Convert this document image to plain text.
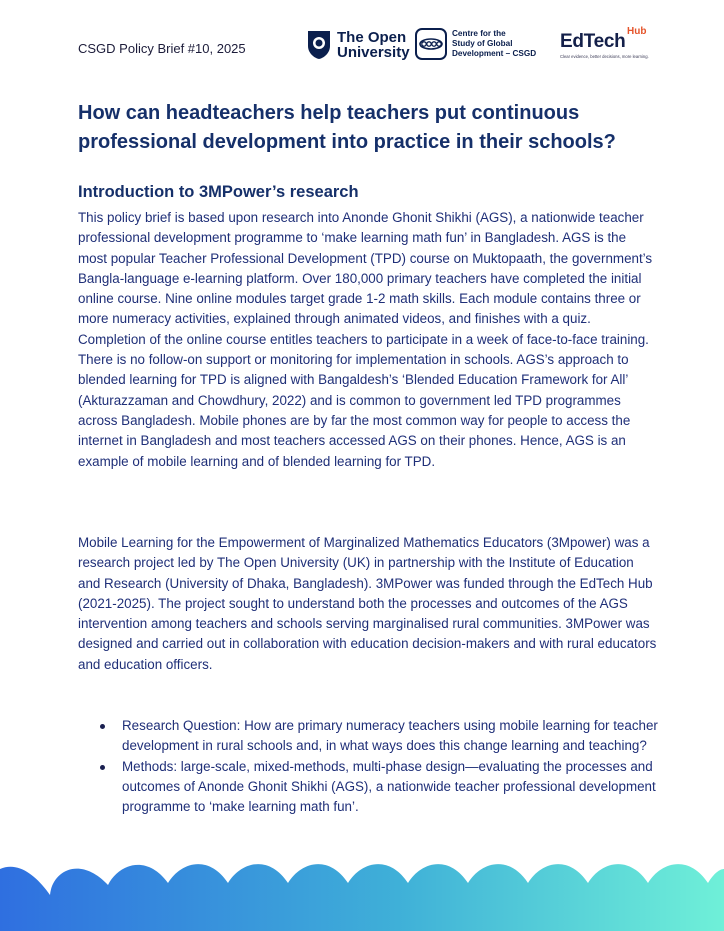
CSGD Policy Brief #10, 2025
The Open
University
Centre for the
Study of Global
Development – CSGD
EdTech Hub
Clear evidence, better decisions, more learning.
How can headteachers help teachers put continuous
professional development into practice in their schools?
Introduction to 3MPower’s research

This policy brief is based upon research into Anonde Ghonit Shikhi (AGS), a nationwide teacher professional development programme to ‘make learning math fun’ in Bangladesh. AGS is the most popular Teacher Professional Development (TPD) course on Muktopaath, the government’s Bangla-language e-learning platform. Over 180,000 primary teachers have completed the initial online course. Nine online modules target grade 1-2 math skills. Each module contains three or more numeracy activities, explained through animated videos, and finishes with a quiz. Completion of the online course entitles teachers to participate in a week of face-to-face training. There is no follow-on support or monitoring for implementation in schools. AGS’s approach to blended learning for TPD is aligned with Bangaldesh’s ‘Blended Education Framework for All’ (Akturazzaman and Chowdhury, 2022) and is common to government led TPD programmes across Bangladesh. Mobile phones are by far the most common way for people to access the internet in Bangladesh and most teachers accessed AGS on their phones. Hence, AGS is an example of mobile learning and of blended learning for TPD.

Mobile Learning for the Empowerment of Marginalized Mathematics Educators (3Mpower) was a research project led by The Open University (UK) in partnership with the Institute of Education and Research (University of Dhaka, Bangladesh). 3MPower was funded through the EdTech Hub (2021-2025). The project sought to understand both the processes and outcomes of the AGS intervention among teachers and schools serving marginalised rural communities. 3MPower was designed and carried out in collaboration with education decision-makers and with rural educators and education officers.

Research Question: How are primary numeracy teachers using mobile learning for teacher development in rural schools and, in what ways does this change learning and teaching?
Methods: large-scale, mixed-methods, multi-phase design—evaluating the processes and outcomes of Anonde Ghonit Shikhi (AGS), a nationwide teacher professional development programme to ‘make learning math fun’.
